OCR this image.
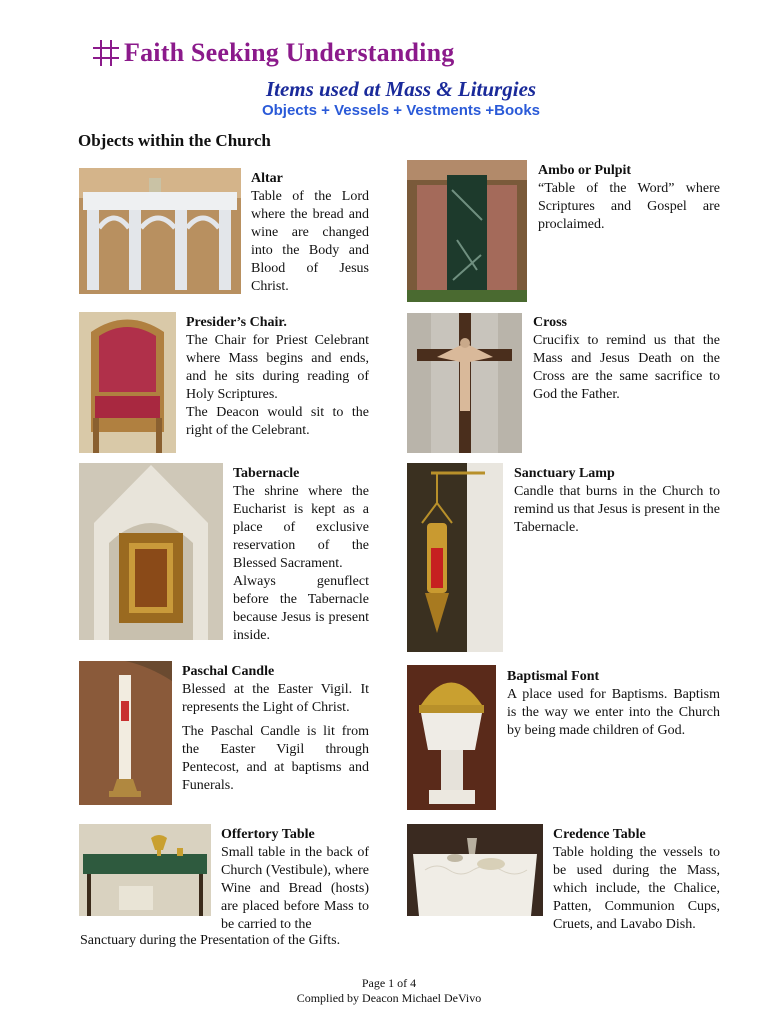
Faith Seeking Understanding
Items used at Mass & Liturgies
Objects + Vessels + Vestments +Books
Objects within the Church
Altar

Table of the Lord where the bread and wine are changed into the Body and Blood of Jesus Christ.

Ambo or Pulpit

“Table of the Word” where Scriptures and Gospel are proclaimed.

Presider’s Chair.

The Chair for Priest Celebrant where Mass begins and ends, and he sits during reading of Holy Scriptures.

The Deacon would sit to the right of the Celebrant.

Cross

Crucifix to remind us that the Mass and Jesus Death on the Cross are the same sacrifice to God the Father.

Tabernacle

The shrine where the Eucharist is kept as a place of exclusive reservation of the Blessed Sacrament.

Always genuflect before the Tabernacle because Jesus is present inside.

Sanctuary Lamp

Candle that burns in the Church to remind us that Jesus is present in the Tabernacle.

Paschal Candle

Blessed at the Easter Vigil. It represents the Light of Christ.

The Paschal Candle is lit from the Easter Vigil through Pentecost, and at baptisms and Funerals.

Baptismal Font

A place used for Baptisms. Baptism is the way we enter into the Church by being made children of God.

Offertory Table

Small table in the back of Church (Vestibule), where Wine and Bread (hosts) are placed before Mass to be carried to the

Sanctuary during the Presentation of the Gifts.
Credence Table

Table holding the vessels to be used during the Mass, which include, the Chalice, Patten, Communion Cups, Cruets, and Lavabo Dish.

Page 1 of 4
Complied by Deacon Michael DeVivo
